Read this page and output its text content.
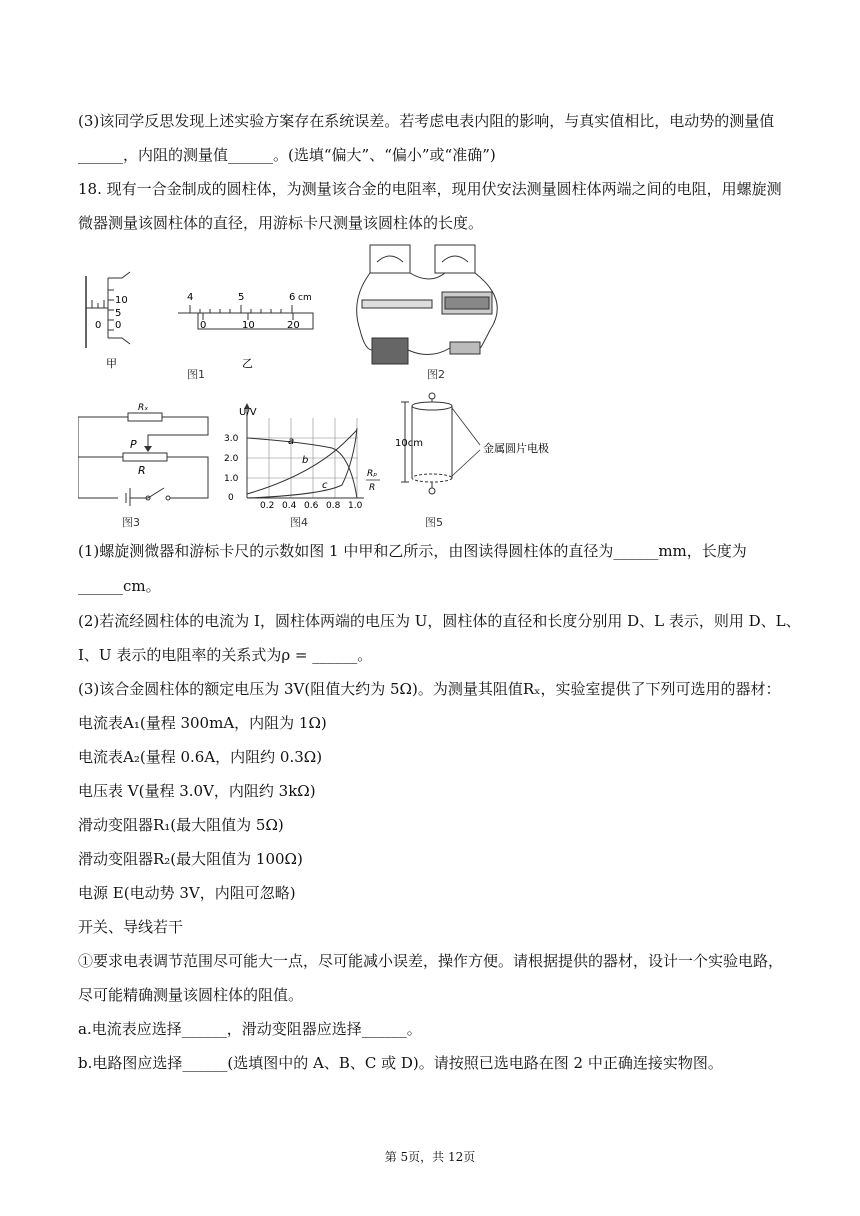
(3)该同学反思发现上述实验方案存在系统误差。若考虑电表内阻的影响，与真实值相比，电动势的测量值
______，内阻的测量值______。(选填“偏大”、“偏小”或“准确”)
18. 现有一合金制成的圆柱体，为测量该合金的电阻率，现用伏安法测量圆柱体两端之间的电阻，用螺旋测
微器测量该圆柱体的直径，用游标卡尺测量该圆柱体的长度。
10
5
0
0
甲
4	5	6 cm
0	10	20
乙
图1	图2
Rₓ
P
R
图3
U/V
3.0
2.0
1.0
0
0.2 0.4 0.6 0.8 1.0
a
b
c
Rₚ
R
图4
10cm	金属圆片电极
图5
(1)螺旋测微器和游标卡尺的示数如图 1 中甲和乙所示，由图读得圆柱体的直径为______mm，长度为
______cm。
(2)若流经圆柱体的电流为 I，圆柱体两端的电压为 U，圆柱体的直径和长度分别用 D、L 表示，则用 D、L、
I、U 表示的电阻率的关系式为ρ = ______。
(3)该合金圆柱体的额定电压为 3V(阻值大约为 5Ω)。为测量其阻值Rₓ，实验室提供了下列可选用的器材：
电流表A₁(量程 300mA，内阻为 1Ω)
电流表A₂(量程 0.6A，内阻约 0.3Ω)
电压表 V(量程 3.0V，内阻约 3kΩ)
滑动变阻器R₁(最大阻值为 5Ω)
滑动变阻器R₂(最大阻值为 100Ω)
电源 E(电动势 3V，内阻可忽略)
开关、导线若干
①要求电表调节范围尽可能大一点，尽可能减小误差，操作方便。请根据提供的器材，设计一个实验电路，
尽可能精确测量该圆柱体的阻值。
a.电流表应选择______，滑动变阻器应选择______。
b.电路图应选择______(选填图中的 A、B、C 或 D)。请按照已选电路在图 2 中正确连接实物图。
第 5页，共 12页
